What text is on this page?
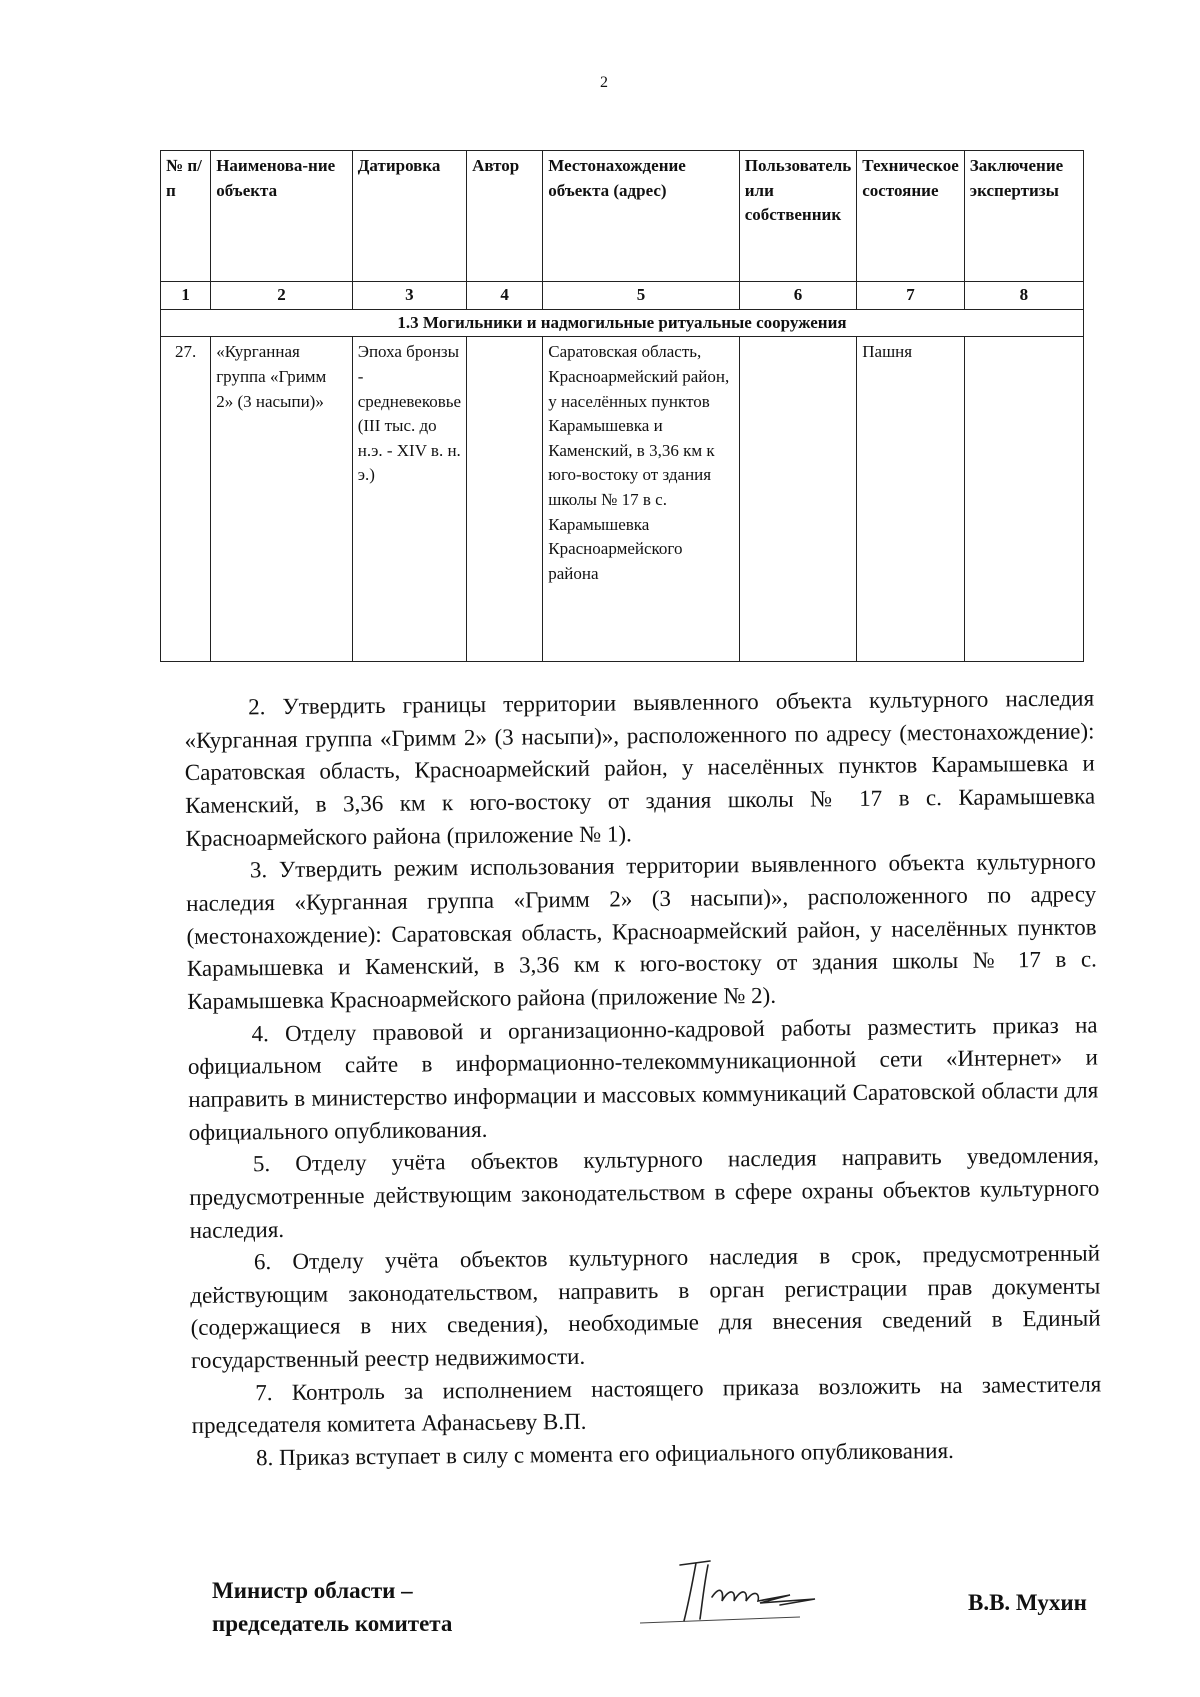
2
№ п/п	Наименова-ние объекта	Датировка	Автор	Местонахождение объекта (адрес)	Пользователь или собственник	Техническое состояние	Заключение экспертизы
1	2	3	4	5	6	7	8
1.3 Могильники и надмогильные ритуальные сооружения							
27.	«Курганная группа «Гримм 2» (3 насыпи)»	Эпоха бронзы - средневековье (III тыс. до н.э. - XIV в. н. э.)		Саратовская область, Красноармейский район, у населённых пунктов Карамышевка и Каменский, в 3,36 км к юго-востоку от здания школы № 17 в с. Карамышевка Красноармейского района		Пашня	

2. Утвердить границы территории выявленного объекта культурного наследия «Курганная группа «Гримм 2» (3 насыпи)», расположенного по адресу (местонахождение): Саратовская область, Красноармейский район, у населённых пунктов Карамышевка и Каменский, в 3,36 км к юго-востоку от здания школы № 17 в с. Карамышевка Красноармейского района (приложение № 1).

3. Утвердить режим использования территории выявленного объекта культурного наследия «Курганная группа «Гримм 2» (3 насыпи)», расположенного по адресу (местонахождение): Саратовская область, Красноармейский район, у населённых пунктов Карамышевка и Каменский, в 3,36 км к юго-востоку от здания школы № 17 в с. Карамышевка Красноармейского района (приложение № 2).

4. Отделу правовой и организационно-кадровой работы разместить приказ на официальном сайте в информационно-телекоммуникационной сети «Интернет» и направить в министерство информации и массовых коммуникаций Саратовской области для официального опубликования.

5. Отделу учёта объектов культурного наследия направить уведомления, предусмотренные действующим законодательством в сфере охраны объектов культурного наследия.

6. Отделу учёта объектов культурного наследия в срок, предусмотренный действующим законодательством, направить в орган регистрации прав документы (содержащиеся в них сведения), необходимые для внесения сведений в Единый государственный реестр недвижимости.

7. Контроль за исполнением настоящего приказа возложить на заместителя председателя комитета Афанасьеву В.П.

8. Приказ вступает в силу с момента его официального опубликования.

Министр области –
председатель комитета
В.В. Мухин
